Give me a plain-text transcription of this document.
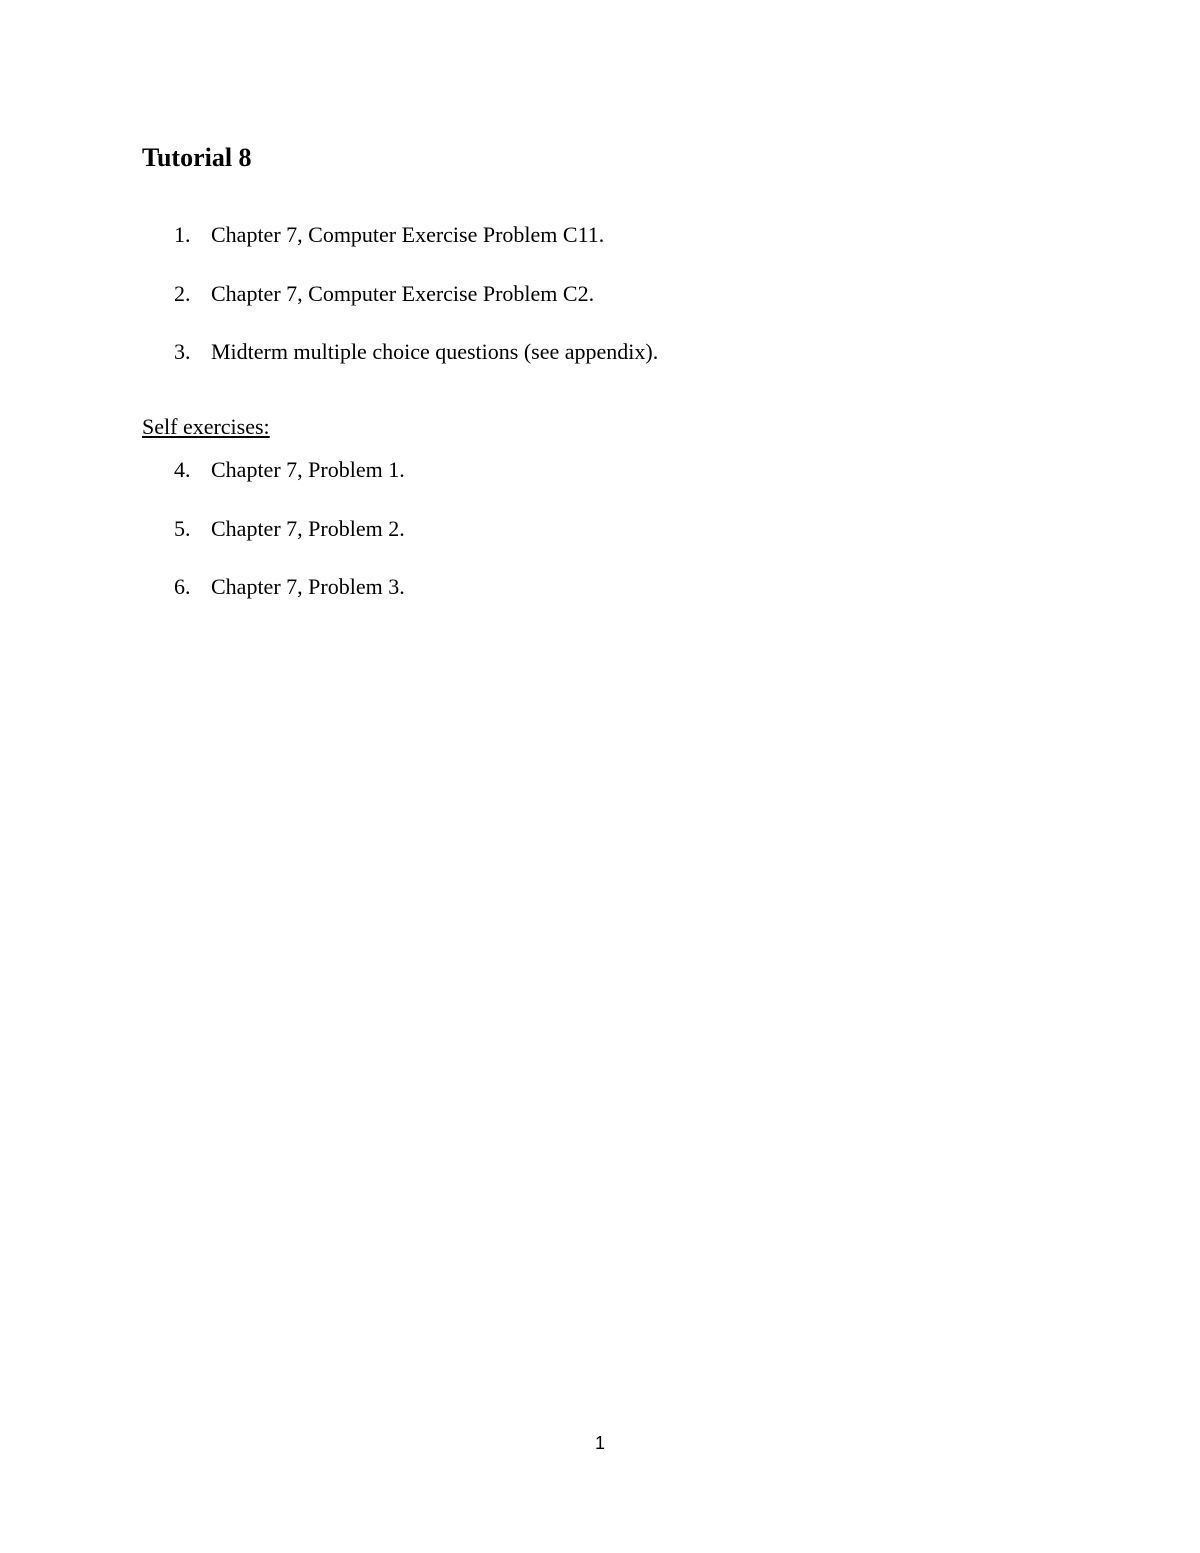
Tutorial 8
1. Chapter 7, Computer Exercise Problem C11.
2. Chapter 7, Computer Exercise Problem C2.
3. Midterm multiple choice questions (see appendix).
Self exercises:
4. Chapter 7, Problem 1.
5. Chapter 7, Problem 2.
6. Chapter 7, Problem 3.
1
